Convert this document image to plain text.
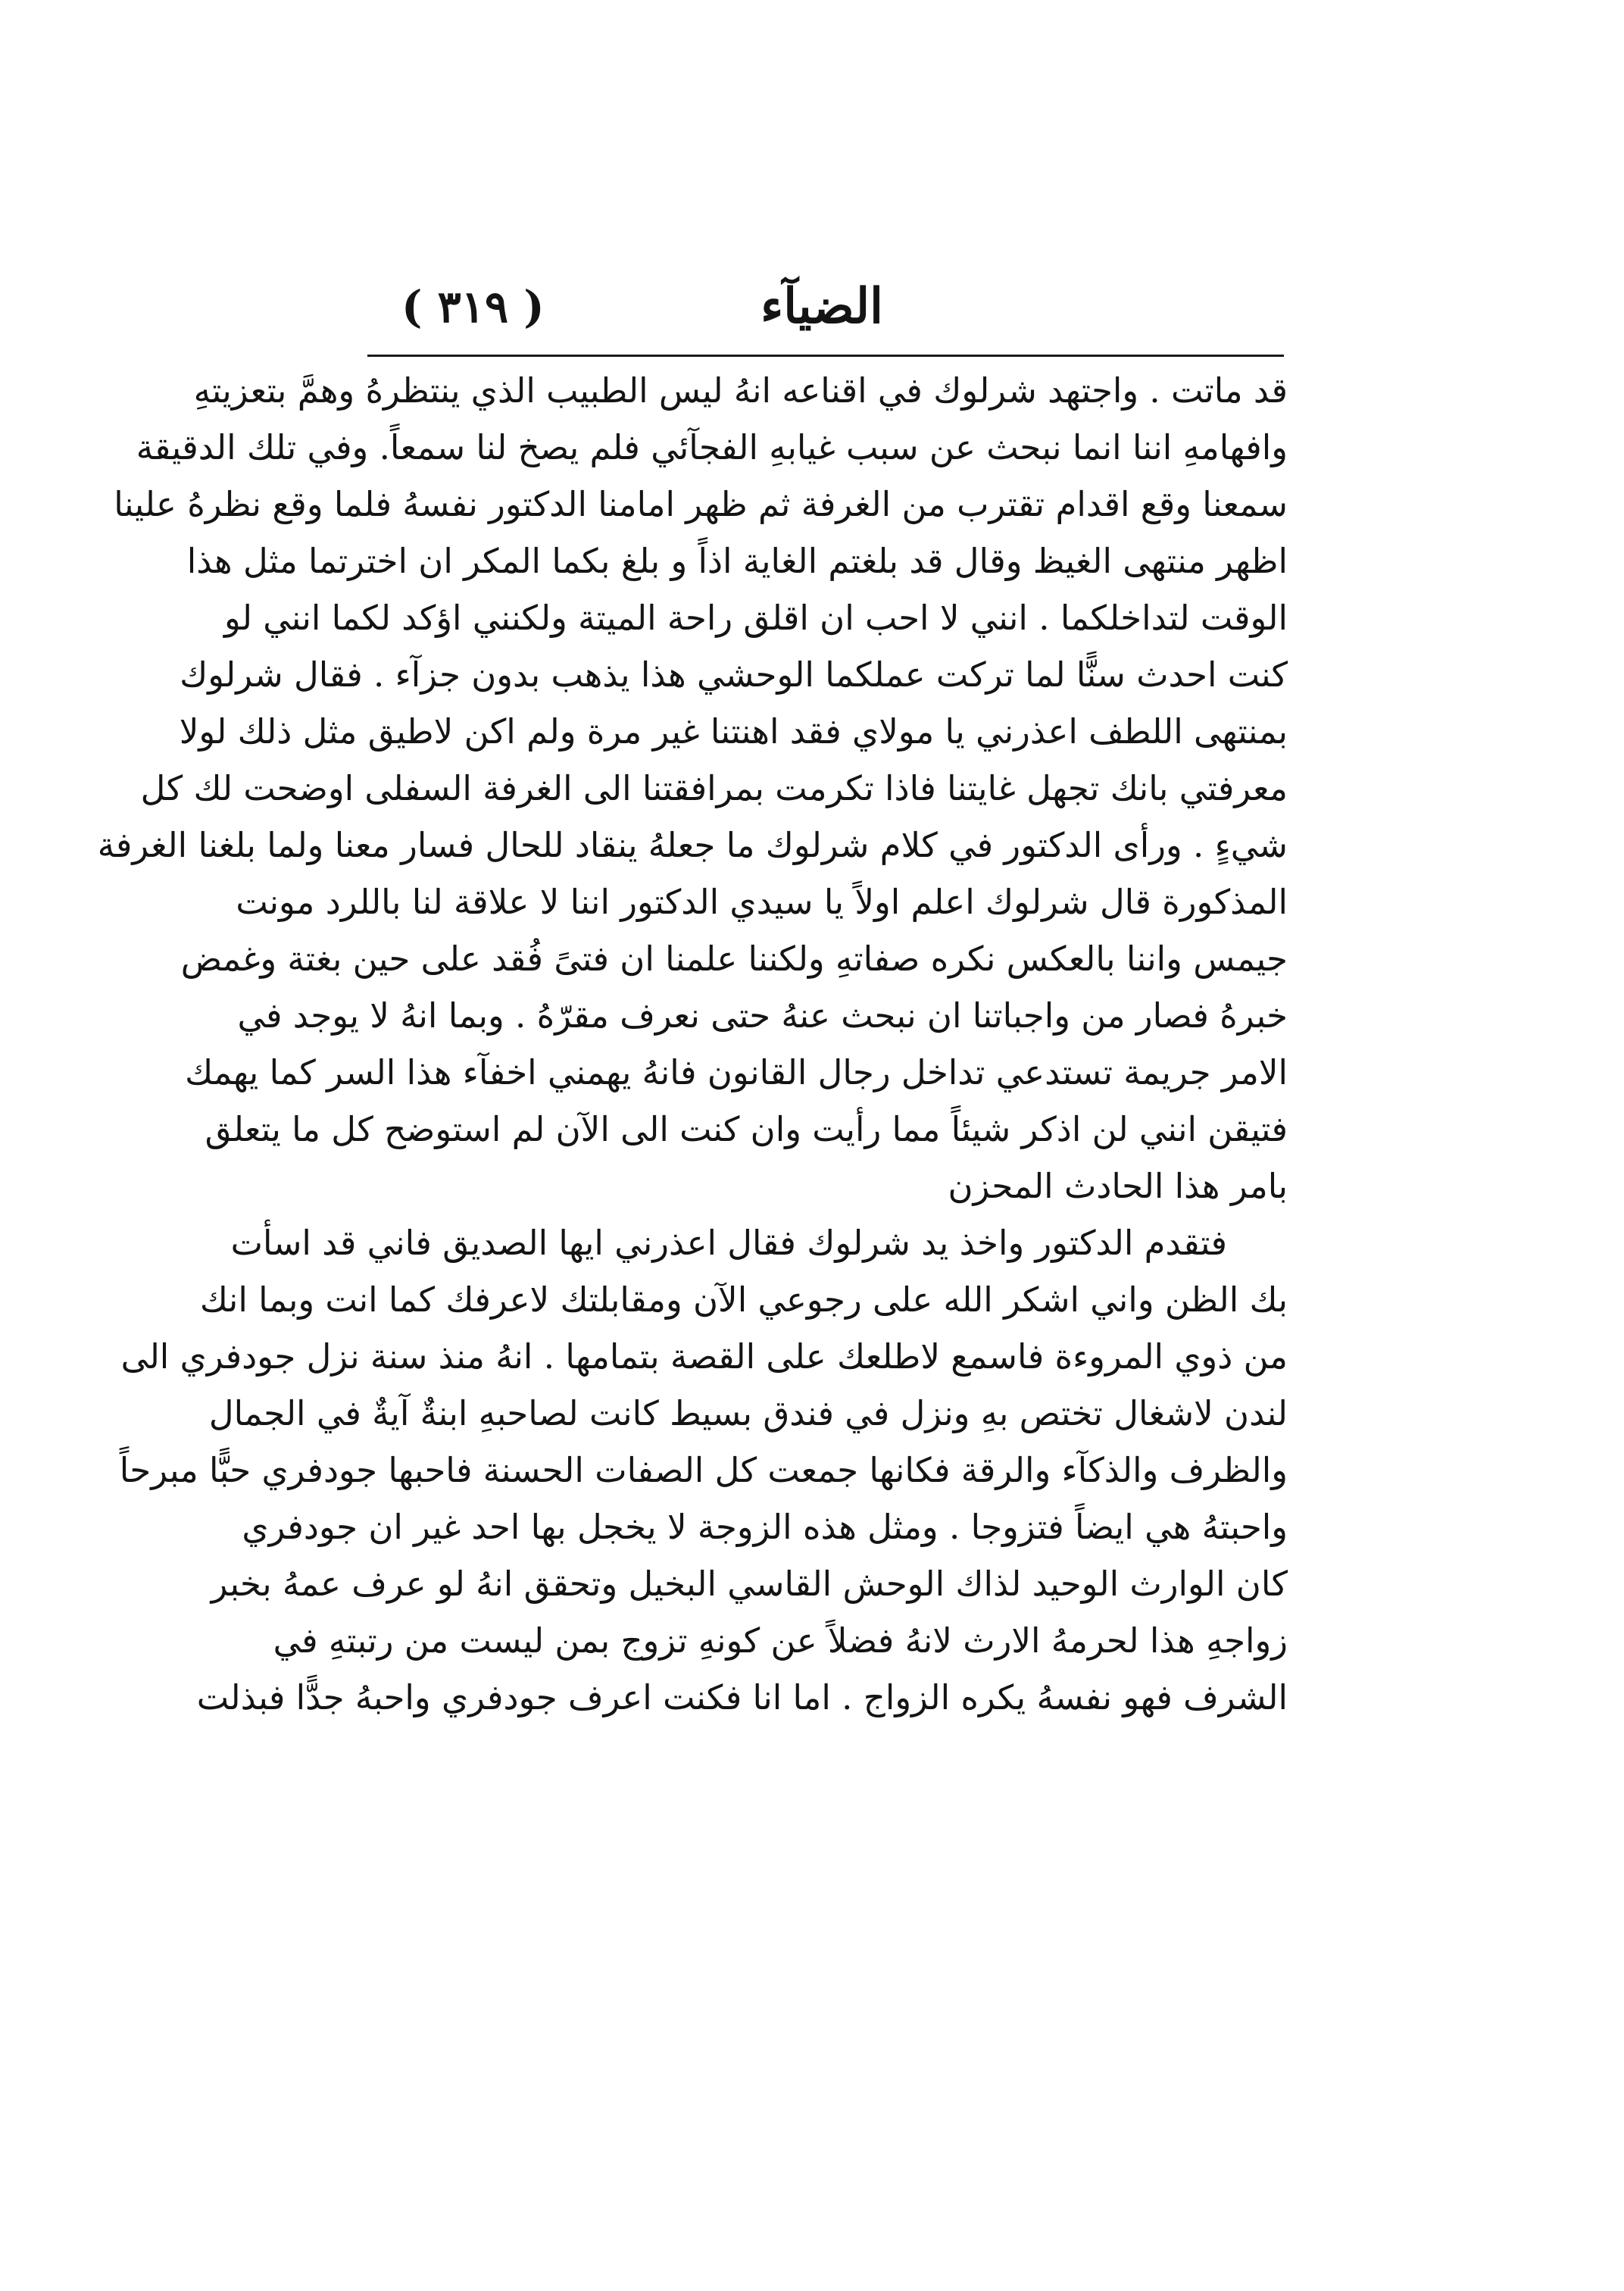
الضيآء
( ٣١٩ )
قد ماتت . واجتهد شرلوك في اقناعه انهُ ليس الطبيب الذي ينتظرهُ وهمَّ بتعزيتهِ
وافهامهِ اننا انما نبحث عن سبب غيابهِ الفجآئي فلم يصخ لنا سمعاً. وفي تلك الدقيقة
سمعنا وقع اقدام تقترب من الغرفة ثم ظهر امامنا الدكتور نفسهُ فلما وقع نظرهُ علينا
اظهر منتهى الغيظ وقال قد بلغتم الغاية اذاً و بلغ بكما المكر ان اخترتما مثل هذا
الوقت لتداخلكما . انني لا احب ان اقلق راحة الميتة ولكنني اؤكد لكما انني لو
كنت احدث سنًّا لما تركت عملكما الوحشي هذا يذهب بدون جزآء . فقال شرلوك
بمنتهى اللطف اعذرني يا مولاي فقد اهنتنا غير مرة ولم اكن لاطيق مثل ذلك لولا
معرفتي بانك تجهل غايتنا فاذا تكرمت بمرافقتنا الى الغرفة السفلى اوضحت لك كل
شيءٍ . ورأى الدكتور في كلام شرلوك ما جعلهُ ينقاد للحال فسار معنا ولما بلغنا الغرفة
المذكورة قال شرلوك اعلم اولاً يا سيدي الدكتور اننا لا علاقة لنا باللرد مونت
جيمس واننا بالعكس نكره صفاتهِ ولكننا علمنا ان فتىً فُقد على حين بغتة وغمض
خبرهُ فصار من واجباتنا ان نبحث عنهُ حتى نعرف مقرّهُ . وبما انهُ لا يوجد في
الامر جريمة تستدعي تداخل رجال القانون فانهُ يهمني اخفآء هذا السر كما يهمك
فتيقن انني لن اذكر شيئاً مما رأيت وان كنت الى الآن لم استوضح كل ما يتعلق
بامر هذا الحادث المحزن
فتقدم الدكتور واخذ يد شرلوك فقال اعذرني ايها الصديق فاني قد اسأت
بك الظن واني اشكر الله على رجوعي الآن ومقابلتك لاعرفك كما انت وبما انك
من ذوي المروءة فاسمع لاطلعك على القصة بتمامها . انهُ منذ سنة نزل جودفري الى
لندن لاشغال تختص بهِ ونزل في فندق بسيط كانت لصاحبهِ ابنةٌ آيةٌ في الجمال
والظرف والذكآء والرقة فكانها جمعت كل الصفات الحسنة فاحبها جودفري حبًّا مبرحاً
واحبتهُ هي ايضاً فتزوجا . ومثل هذه الزوجة لا يخجل بها احد غير ان جودفري
كان الوارث الوحيد لذاك الوحش القاسي البخيل وتحقق انهُ لو عرف عمهُ بخبر
زواجهِ هذا لحرمهُ الارث لانهُ فضلاً عن كونهِ تزوج بمن ليست من رتبتهِ في
الشرف فهو نفسهُ يكره الزواج . اما انا فكنت اعرف جودفري واحبهُ جدًّا فبذلت
